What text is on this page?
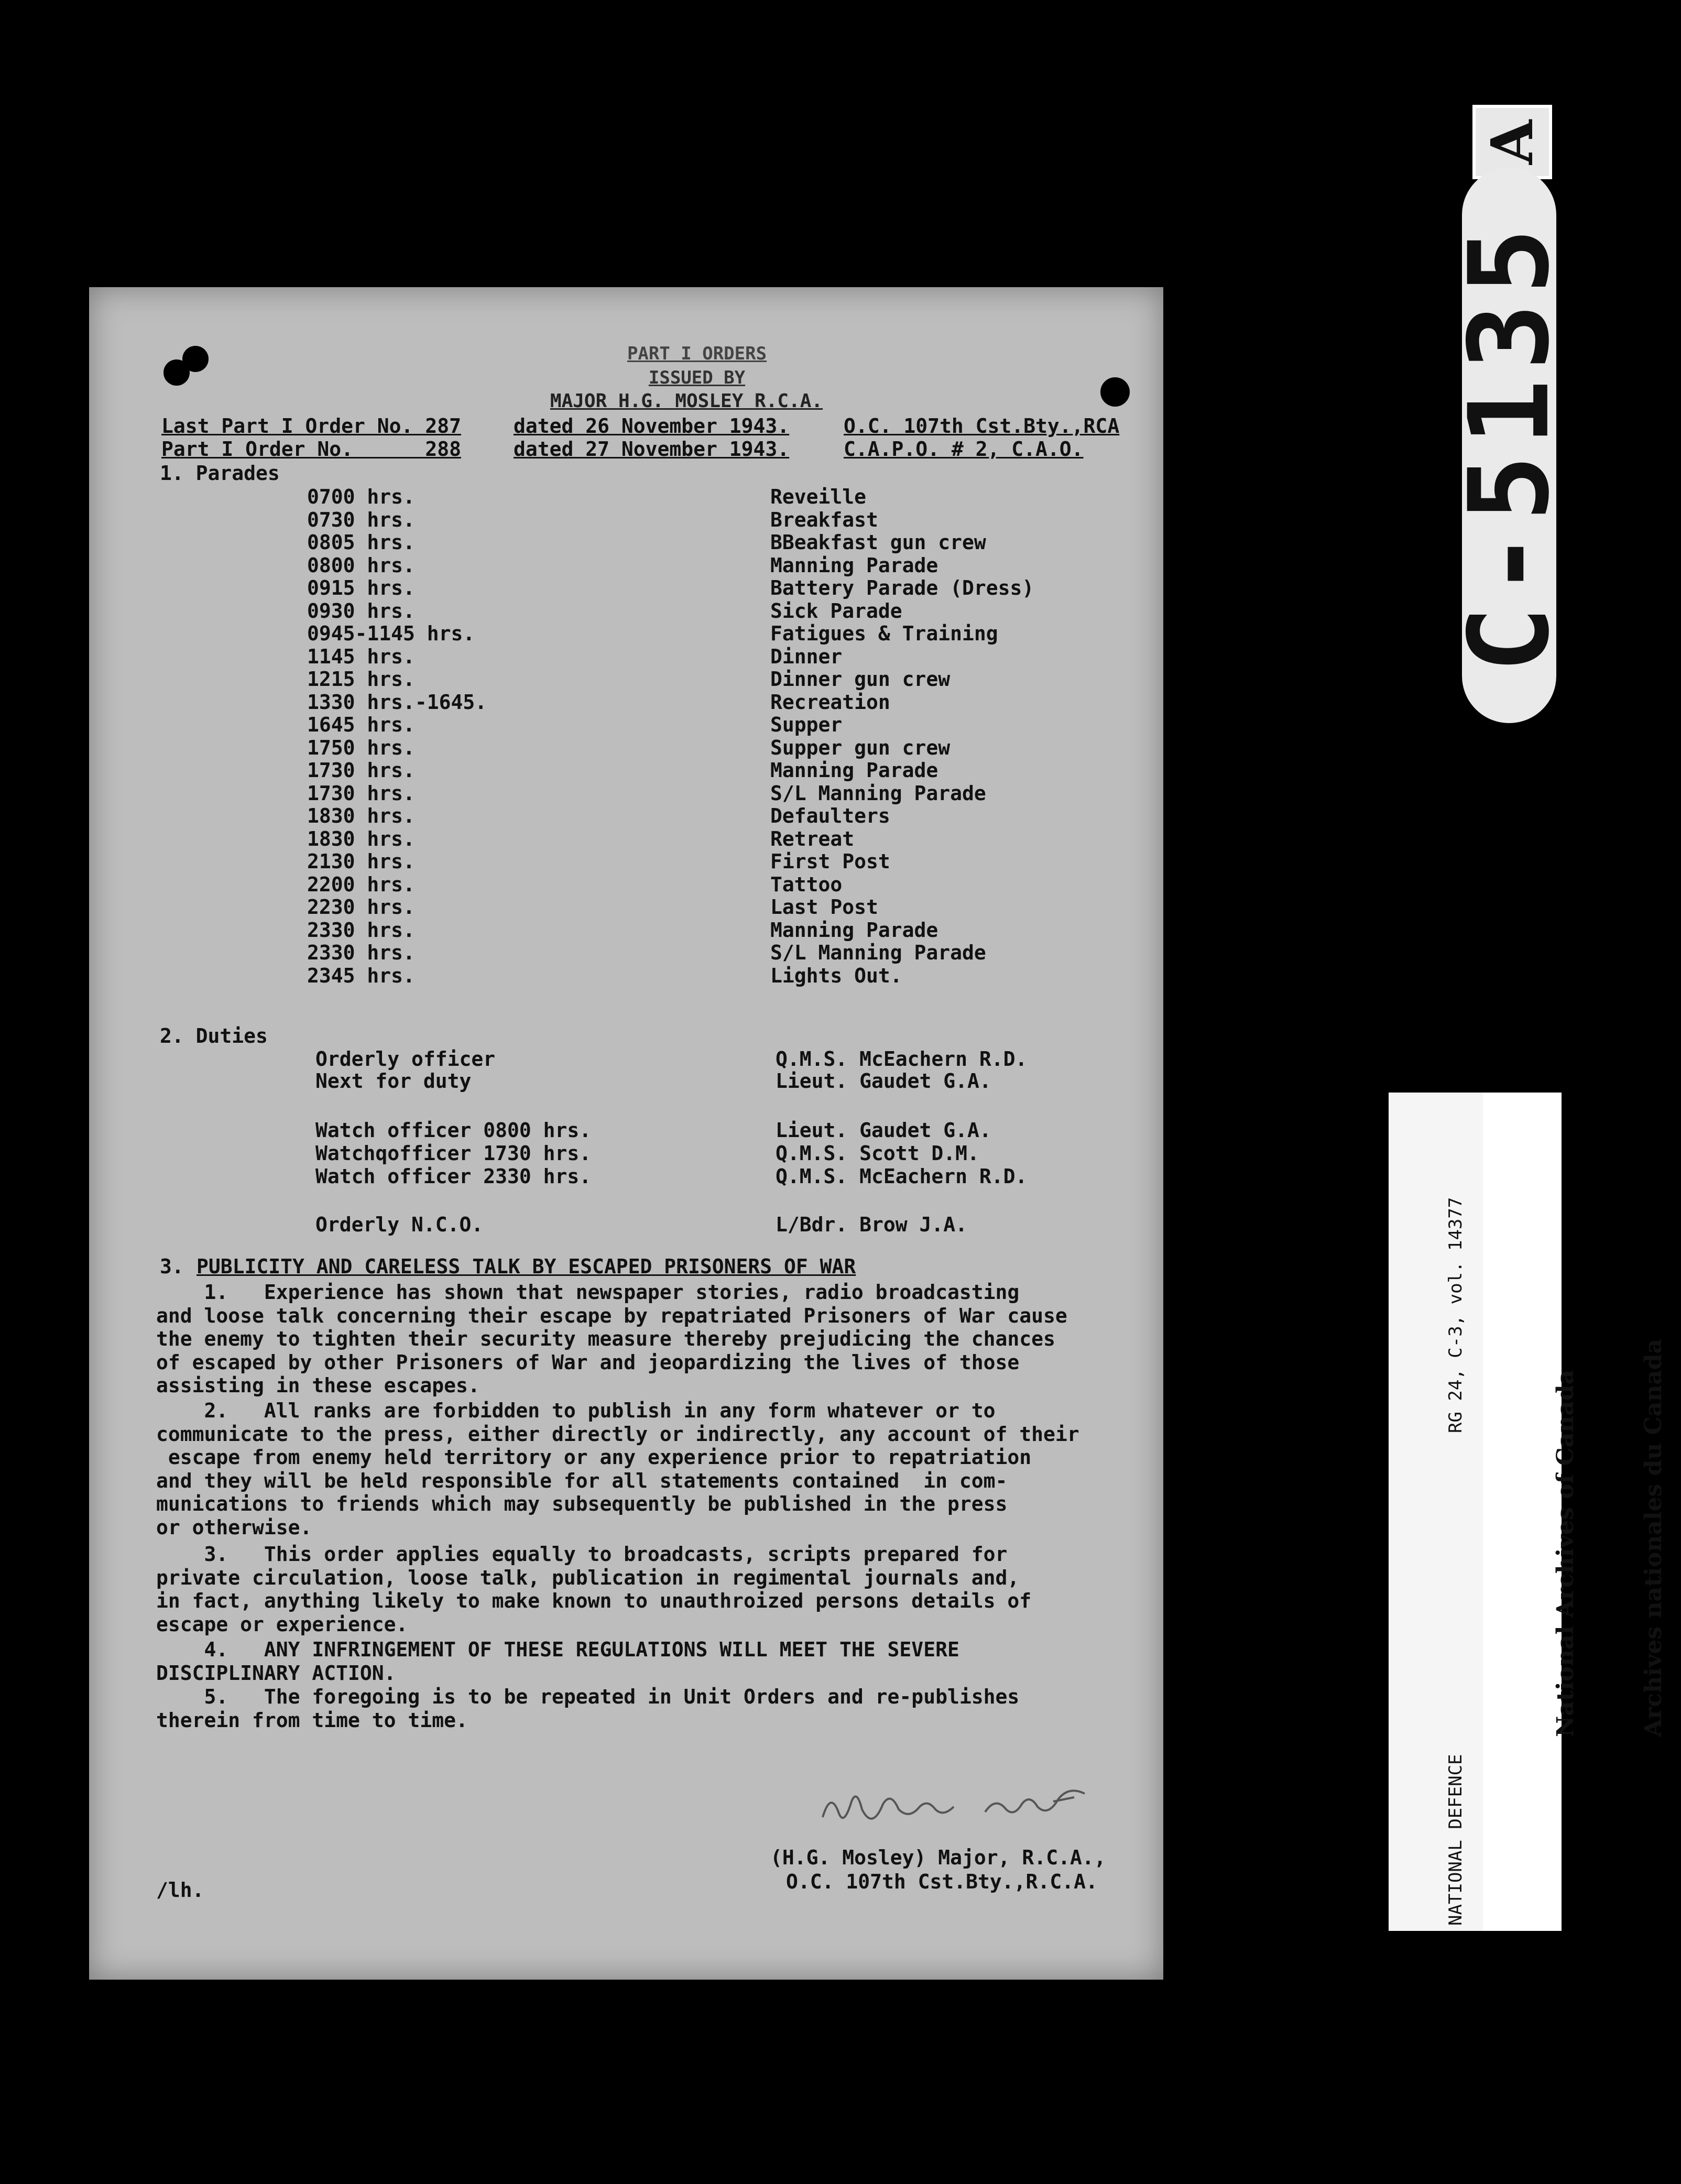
A
C-5135

NATIONAL DEFENCE

RG 24, C-3, vol. 14377

National Archives of Canada

	Archives nationales du Canada

PART I ORDERS
ISSUED BY
MAJOR H.G. MOSLEY R.C.A.
Last Part I Order No. 287	dated 26 November 1943.	O.C. 107th Cst.Bty.,RCA
Part I Order No.      288	dated 27 November 1943.	C.A.P.O. # 2, C.A.O.
1. Parades
0700 hrs.	Reveille
0730 hrs.	Breakfast
0805 hrs.	BBeakfast gun crew
0800 hrs.	Manning Parade
0915 hrs.	Battery Parade (Dress)
0930 hrs.	Sick Parade
0945-1145 hrs.	Fatigues & Training
1145 hrs.	Dinner
1215 hrs.	Dinner gun crew
1330 hrs.-1645.	Recreation
1645 hrs.	Supper
1750 hrs.	Supper gun crew
1730 hrs.	Manning Parade
1730 hrs.	S/L Manning Parade
1830 hrs.	Defaulters
1830 hrs.	Retreat
2130 hrs.	First Post
2200 hrs.	Tattoo
2230 hrs.	Last Post
2330 hrs.	Manning Parade
2330 hrs.	S/L Manning Parade
2345 hrs.	Lights Out.
2. Duties
Orderly officer	Q.M.S. McEachern R.D.
Next for duty	Lieut. Gaudet G.A.
Watch officer 0800 hrs.	Lieut. Gaudet G.A.
Watchqofficer 1730 hrs.	Q.M.S. Scott D.M.
Watch officer 2330 hrs.	Q.M.S. McEachern R.D.
Orderly N.C.O.	L/Bdr. Brow J.A.
3. PUBLICITY AND CARELESS TALK BY ESCAPED PRISONERS OF WAR
1.   Experience has shown that newspaper stories, radio broadcasting
and loose talk concerning their escape by repatriated Prisoners of War cause
the enemy to tighten their security measure thereby prejudicing the chances
of escaped by other Prisoners of War and jeopardizing the lives of those
assisting in these escapes.
2.   All ranks are forbidden to publish in any form whatever or to
communicate to the press, either directly or indirectly, any account of their
escape from enemy held territory or any experience prior to repatriation
and they will be held responsible for all statements contained  in com-
munications to friends which may subsequently be published in the press
or otherwise.
3.   This order applies equally to broadcasts, scripts prepared for
private circulation, loose talk, publication in regimental journals and,
in fact, anything likely to make known to unauthroized persons details of
escape or experience.
4.   ANY INFRINGEMENT OF THESE REGULATIONS WILL MEET THE SEVERE
DISCIPLINARY ACTION.
5.   The foregoing is to be repeated in Unit Orders and re-publishes
therein from time to time.
(H.G. Mosley) Major, R.C.A.,
O.C. 107th Cst.Bty.,R.C.A.
/lh.
